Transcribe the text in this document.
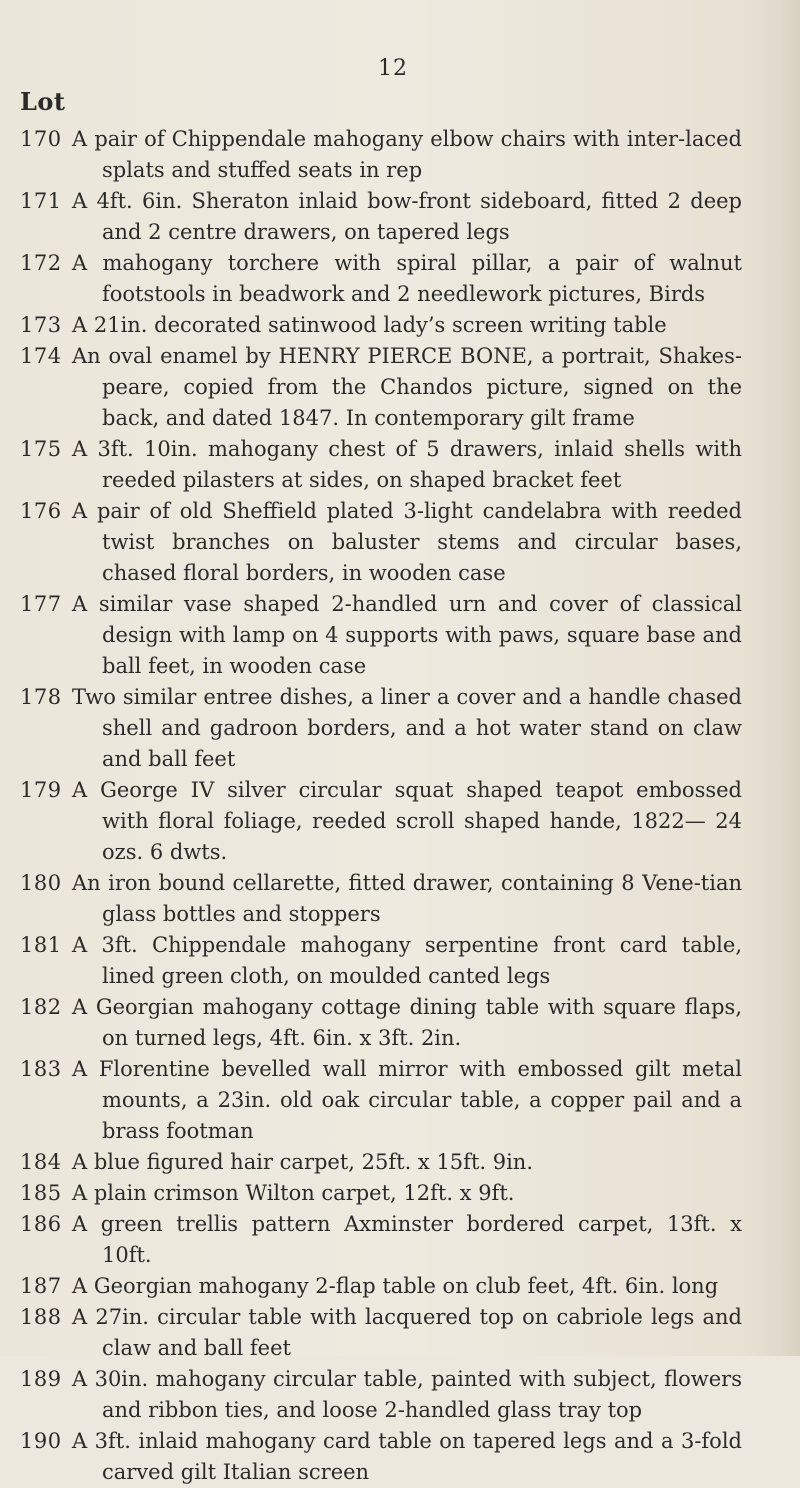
12
Lot
170 A pair of Chippendale mahogany elbow chairs with inter-laced splats and stuffed seats in rep
171 A 4ft. 6in. Sheraton inlaid bow-front sideboard, fitted 2 deep and 2 centre drawers, on tapered legs
172 A mahogany torchere with spiral pillar, a pair of walnut footstools in beadwork and 2 needlework pictures, Birds
173 A 21in. decorated satinwood lady’s screen writing table
174 An oval enamel by HENRY PIERCE BONE, a portrait, Shakes-peare, copied from the Chandos picture, signed on the back, and dated 1847. In contemporary gilt frame
175 A 3ft. 10in. mahogany chest of 5 drawers, inlaid shells with reeded pilasters at sides, on shaped bracket feet
176 A pair of old Sheffield plated 3-light candelabra with reeded twist branches on baluster stems and circular bases, chased floral borders, in wooden case
177 A similar vase shaped 2-handled urn and cover of classical design with lamp on 4 supports with paws, square base and ball feet, in wooden case
178 Two similar entree dishes, a liner a cover and a handle chased shell and gadroon borders, and a hot water stand on claw and ball feet
179 A George IV silver circular squat shaped teapot embossed with floral foliage, reeded scroll shaped hande, 1822— 24 ozs. 6 dwts.
180 An iron bound cellarette, fitted drawer, containing 8 Vene-tian glass bottles and stoppers
181 A 3ft. Chippendale mahogany serpentine front card table, lined green cloth, on moulded canted legs
182 A Georgian mahogany cottage dining table with square flaps, on turned legs, 4ft. 6in. x 3ft. 2in.
183 A Florentine bevelled wall mirror with embossed gilt metal mounts, a 23in. old oak circular table, a copper pail and a brass footman
184 A blue figured hair carpet, 25ft. x 15ft. 9in.
185 A plain crimson Wilton carpet, 12ft. x 9ft.
186 A green trellis pattern Axminster bordered carpet, 13ft. x 10ft.
187 A Georgian mahogany 2-flap table on club feet, 4ft. 6in. long
188 A 27in. circular table with lacquered top on cabriole legs and claw and ball feet
189 A 30in. mahogany circular table, painted with subject, flowers and ribbon ties, and loose 2-handled glass tray top
190 A 3ft. inlaid mahogany card table on tapered legs and a 3-fold carved gilt Italian screen
